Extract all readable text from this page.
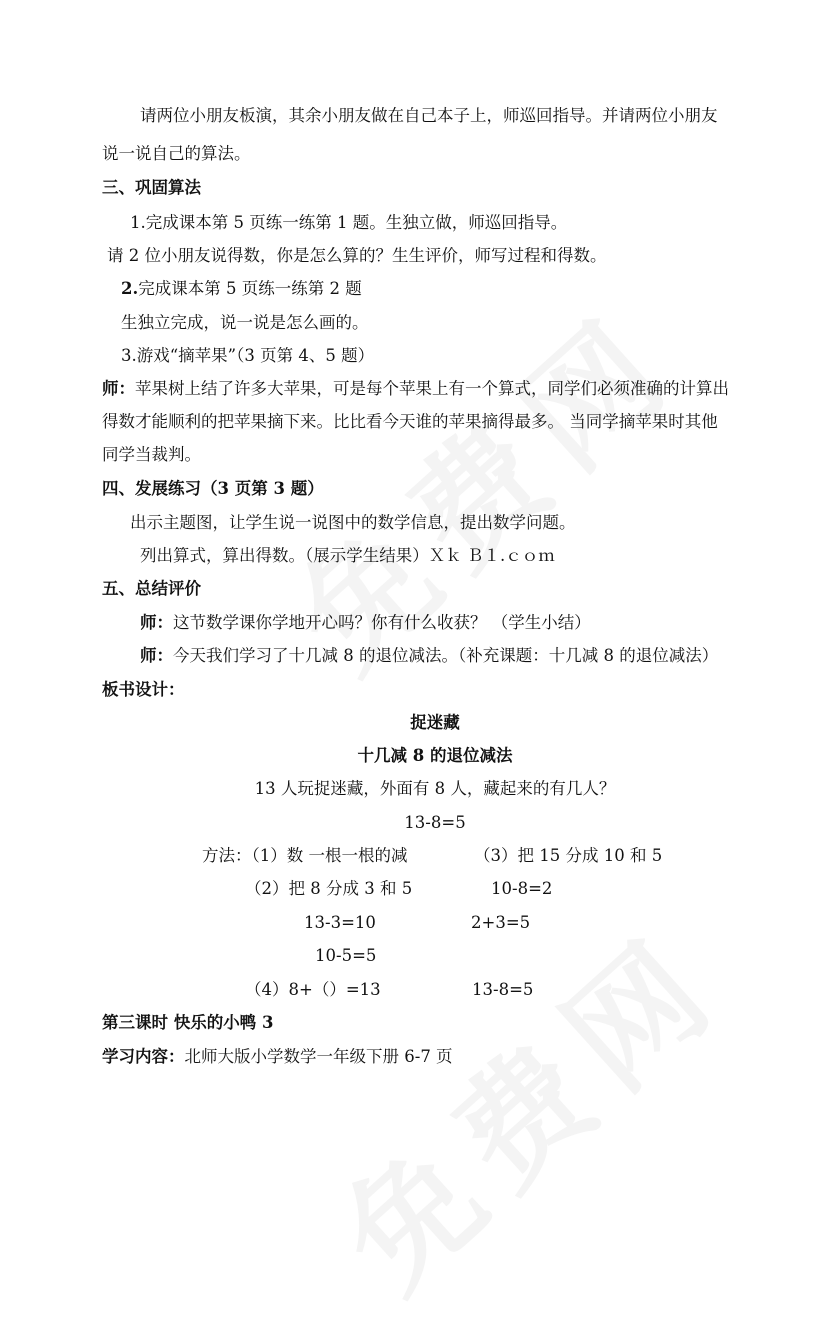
请两位小朋友板演，其余小朋友做在自己本子上，师巡回指导。并请两位小朋友
说一说自己的算法。
三、巩固算法
1.完成课本第 5 页练一练第 1 题。生独立做，师巡回指导。
请 2 位小朋友说得数，你是怎么算的？生生评价，师写过程和得数。
2.完成课本第 5 页练一练第 2 题
生独立完成，说一说是怎么画的。
3.游戏“摘苹果”（3 页第 4、5 题）
师：苹果树上结了许多大苹果，可是每个苹果上有一个算式，同学们必须准确的计算出
得数才能顺利的把苹果摘下来。比比看今天谁的苹果摘得最多。 当同学摘苹果时其他
同学当裁判。
四、发展练习（3 页第 3 题）
出示主题图，让学生说一说图中的数学信息，提出数学问题。
列出算式，算出得数。（展示学生结果）Ｘｋ Ｂ１.ｃｏｍ
五、总结评价
师：这节数学课你学地开心吗？你有什么收获？ （学生小结）
师：今天我们学习了十几减 8 的退位减法。（补充课题：十几减 8 的退位减法）
板书设计：
捉迷藏
十几减 8 的退位减法
13 人玩捉迷藏，外面有 8 人，藏起来的有几人？
13-8=5
方法：（1）数 一根一根的减	（3）把 15 分成 10 和 5
（2）把 8 分成 3 和 5	10-8=2
13-3=10	2+3=5
10-5=5
（4）8+（）=13	13-8=5
第三课时 快乐的小鸭 3
学习内容：北师大版小学数学一年级下册 6-7 页
